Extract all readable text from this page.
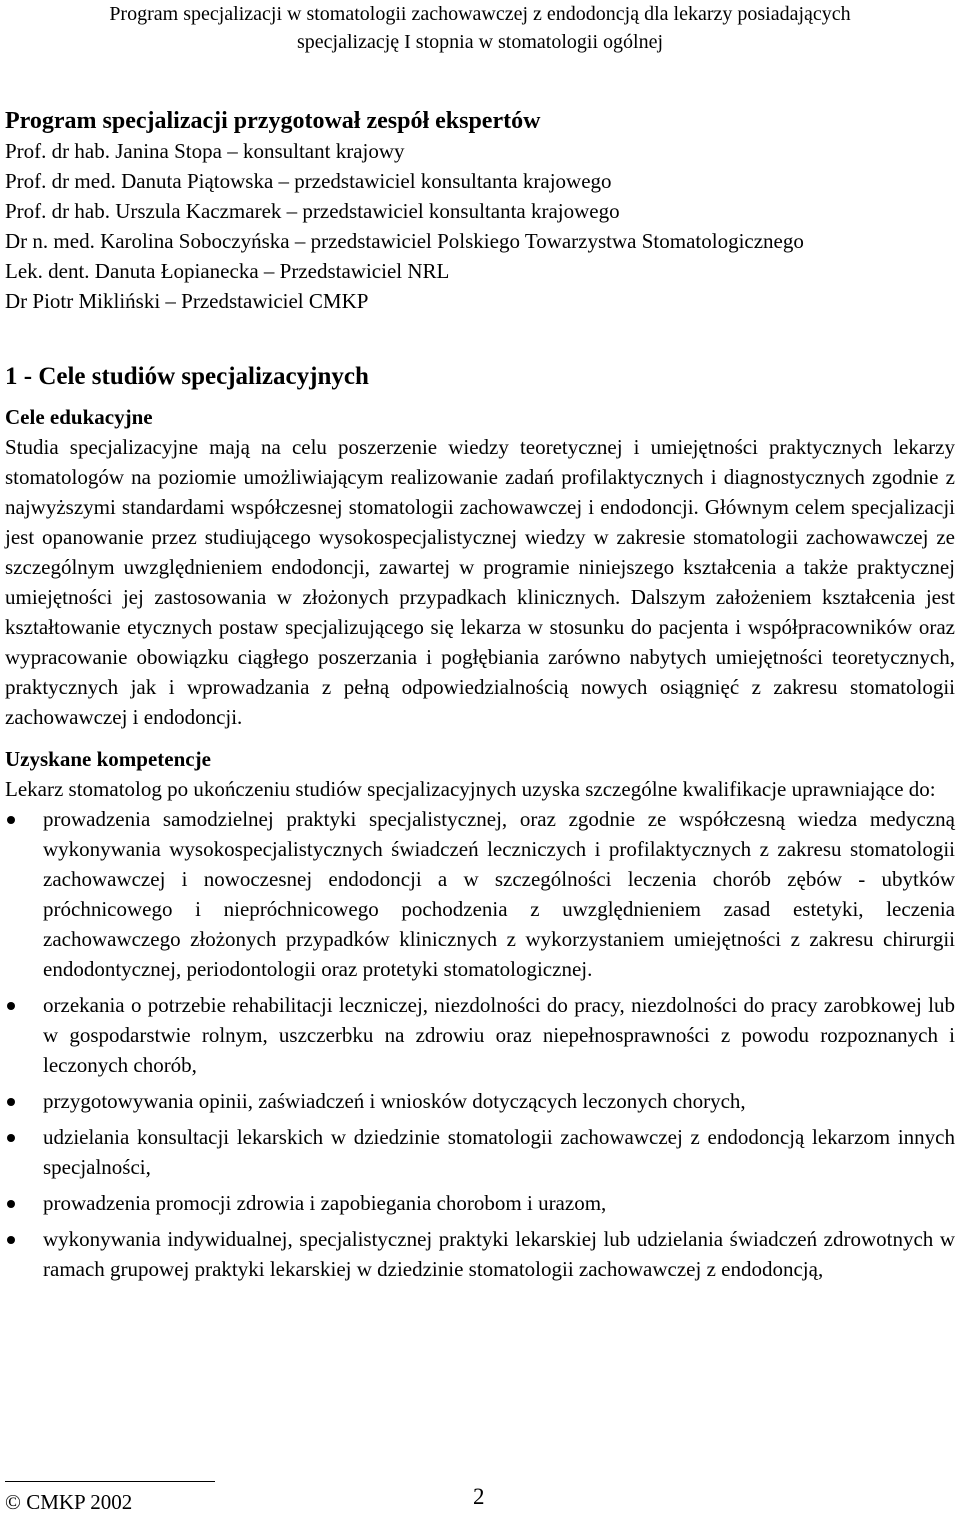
Program specjalizacji w stomatologii zachowawczej z endodoncją dla lekarzy posiadających
specjalizację I stopnia w stomatologii ogólnej
Program specjalizacji przygotował zespół ekspertów
Prof. dr hab. Janina Stopa – konsultant krajowy
Prof. dr med. Danuta Piątowska – przedstawiciel konsultanta krajowego
Prof. dr hab. Urszula Kaczmarek – przedstawiciel konsultanta krajowego
Dr n. med. Karolina Soboczyńska – przedstawiciel Polskiego Towarzystwa Stomatologicznego
Lek. dent. Danuta Łopianecka – Przedstawiciel NRL
Dr Piotr Mikliński – Przedstawiciel CMKP
1 - Cele studiów specjalizacyjnych
Cele edukacyjne
Studia specjalizacyjne mają na celu poszerzenie wiedzy teoretycznej i umiejętności praktycznych lekarzy stomatologów na poziomie umożliwiającym realizowanie zadań profilaktycznych i diagnostycznych zgodnie z najwyższymi standardami współczesnej stomatologii zachowawczej i endodoncji. Głównym celem specjalizacji jest opanowanie przez studiującego wysokospecjalistycznej wiedzy w zakresie stomatologii zachowawczej ze szczególnym uwzględnieniem endodoncji, zawartej w programie niniejszego kształcenia a także praktycznej umiejętności jej zastosowania w złożonych przypadkach klinicznych. Dalszym założeniem kształcenia jest kształtowanie etycznych postaw specjalizującego się lekarza w stosunku do pacjenta i współpracowników oraz wypracowanie obowiązku ciągłego poszerzania i pogłębiania zarówno nabytych umiejętności teoretycznych, praktycznych jak i wprowadzania z pełną odpowiedzialnością nowych osiągnięć z zakresu stomatologii zachowawczej i endodoncji.
Uzyskane kompetencje
Lekarz stomatolog po ukończeniu studiów specjalizacyjnych uzyska szczególne kwalifikacje uprawniające do:
prowadzenia samodzielnej praktyki specjalistycznej, oraz zgodnie ze współczesną wiedza medyczną wykonywania wysokospecjalistycznych świadczeń leczniczych i profilaktycznych z zakresu stomatologii zachowawczej i nowoczesnej endodoncji a w szczególności leczenia chorób zębów - ubytków próchnicowego i niepróchnicowego pochodzenia z uwzględnieniem zasad estetyki, leczenia zachowawczego złożonych przypadków klinicznych z wykorzystaniem umiejętności z zakresu chirurgii endodontycznej, periodontologii oraz protetyki stomatologicznej.
orzekania o potrzebie rehabilitacji leczniczej, niezdolności do pracy, niezdolności do pracy zarobkowej lub w gospodarstwie rolnym, uszczerbku na zdrowiu oraz niepełnosprawności z powodu rozpoznanych i leczonych chorób,
przygotowywania opinii, zaświadczeń i wniosków dotyczących leczonych chorych,
udzielania konsultacji lekarskich w dziedzinie stomatologii zachowawczej z endodoncją lekarzom innych specjalności,
prowadzenia promocji zdrowia i zapobiegania chorobom i urazom,
wykonywania indywidualnej, specjalistycznej praktyki lekarskiej lub udzielania świadczeń zdrowotnych w ramach grupowej praktyki lekarskiej w dziedzinie stomatologii zachowawczej z endodoncją,
© CMKP 2002	2
